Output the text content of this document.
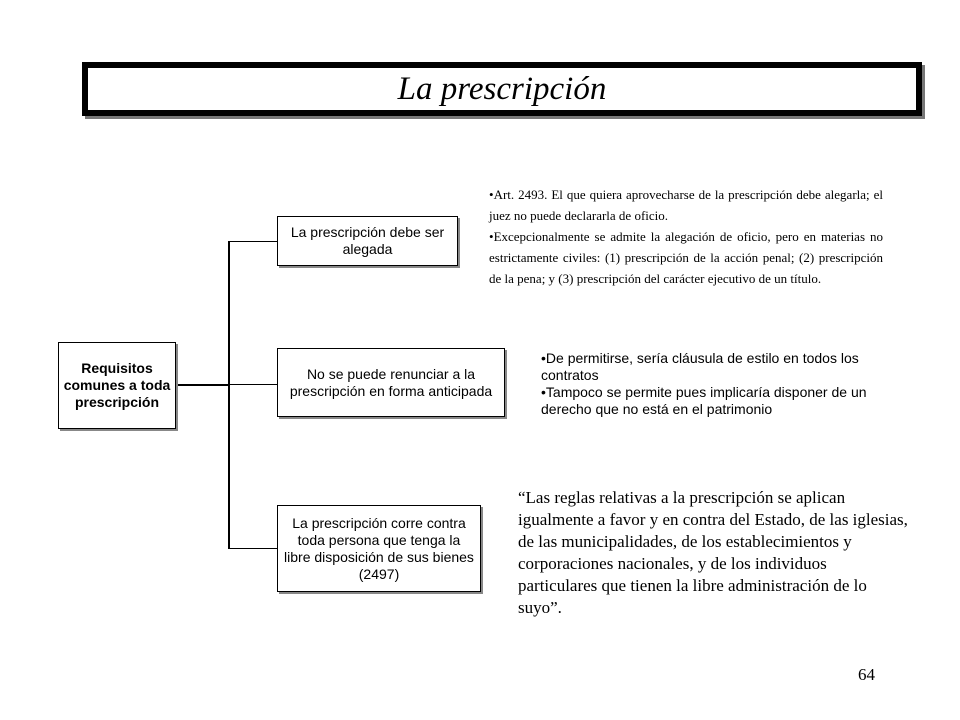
La prescripción
Requisitos comunes a toda prescripción
La prescripción debe ser alegada
No se puede renunciar a la prescripción en forma anticipada
La prescripción corre contra toda persona que tenga la libre disposición de sus bienes (2497)
• Art. 2493. El que quiera aprovecharse de la prescripción debe alegarla; el juez no puede declararla de oficio.
• Excepcionalmente se admite la alegación de oficio, pero en materias no estrictamente civiles: (1) prescripción de la acción penal; (2) prescripción de la pena; y (3) prescripción del carácter ejecutivo de un título.
• De permitirse, sería cláusula de estilo en todos los contratos
• Tampoco se permite pues implicaría disponer de un derecho que no está en el patrimonio
“Las reglas relativas a la prescripción se aplican igualmente a favor y en contra del Estado, de las iglesias, de las municipalidades, de los establecimientos y corporaciones nacionales, y de los individuos particulares que tienen la libre administración de lo suyo”.
64
